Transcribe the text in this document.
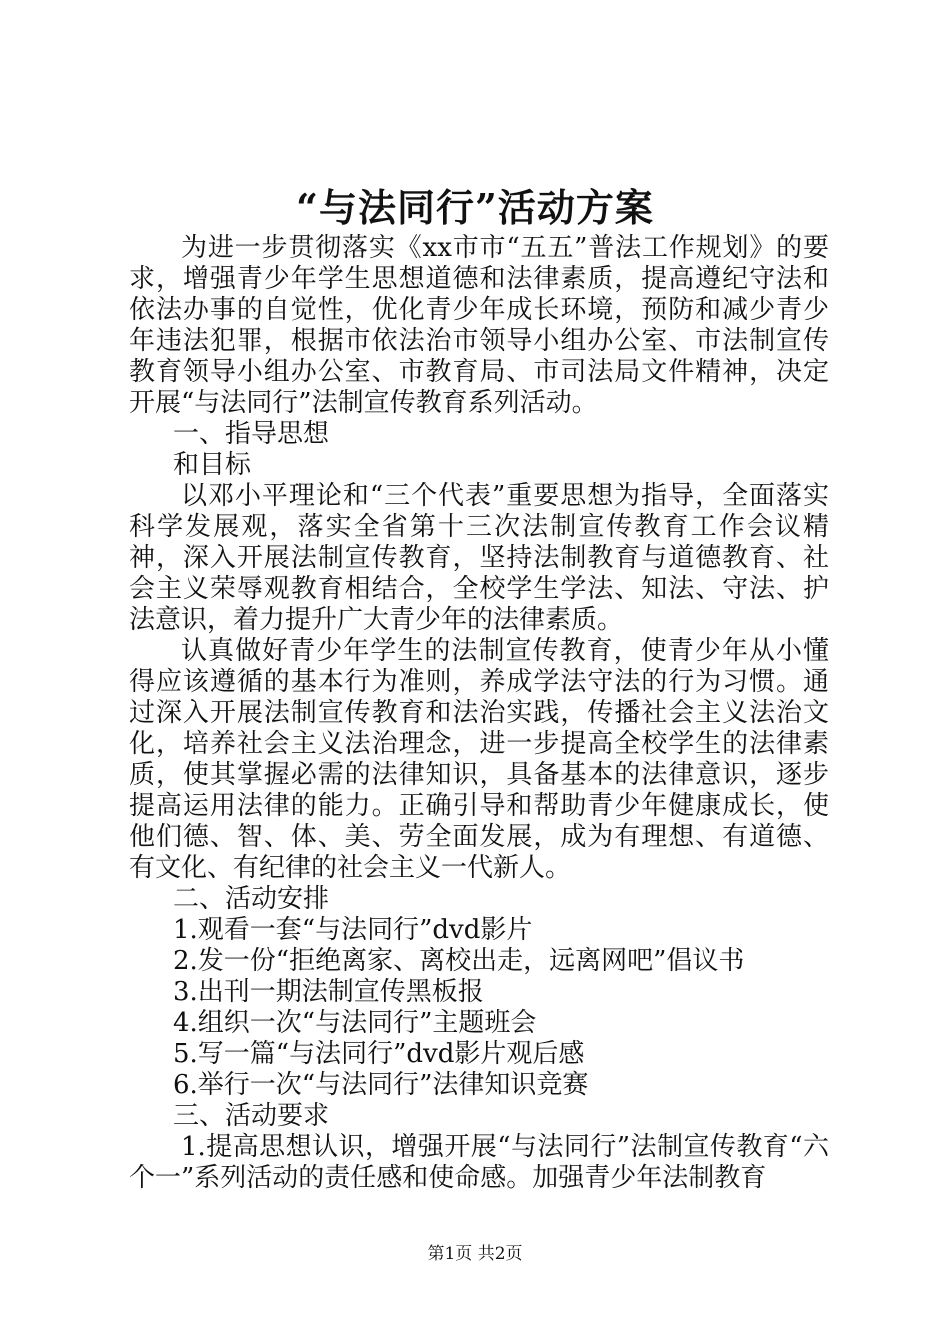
“与法同行”活动方案

为进一步贯彻落实《xx市市“五五”普法工作规划》的要求，增强青少年学生思想道德和法律素质，提高遵纪守法和依法办事的自觉性，优化青少年成长环境，预防和减少青少年违法犯罪，根据市依法治市领导小组办公室、市法制宣传教育领导小组办公室、市教育局、市司法局文件精神，决定开展“与法同行”法制宣传教育系列活动。

一、指导思想

和目标

以邓小平理论和“三个代表”重要思想为指导，全面落实科学发展观，落实全省第十三次法制宣传教育工作会议精神，深入开展法制宣传教育，坚持法制教育与道德教育、社会主义荣辱观教育相结合，全校学生学法、知法、守法、护法意识，着力提升广大青少年的法律素质。

认真做好青少年学生的法制宣传教育，使青少年从小懂得应该遵循的基本行为准则，养成学法守法的行为习惯。通过深入开展法制宣传教育和法治实践，传播社会主义法治文化，培养社会主义法治理念，进一步提高全校学生的法律素质，使其掌握必需的法律知识，具备基本的法律意识，逐步提高运用法律的能力。正确引导和帮助青少年健康成长，使他们德、智、体、美、劳全面发展，成为有理想、有道德、有文化、有纪律的社会主义一代新人。

二、活动安排

1.观看一套“与法同行”dvd影片

2.发一份“拒绝离家、离校出走，远离网吧”倡议书

3.出刊一期法制宣传黑板报

4.组织一次“与法同行”主题班会

5.写一篇“与法同行”dvd影片观后感

6.举行一次“与法同行”法律知识竞赛

三、活动要求

1.提高思想认识，增强开展“与法同行”法制宣传教育“六个一”系列活动的责任感和使命感。加强青少年法制教育

第1页 共2页
